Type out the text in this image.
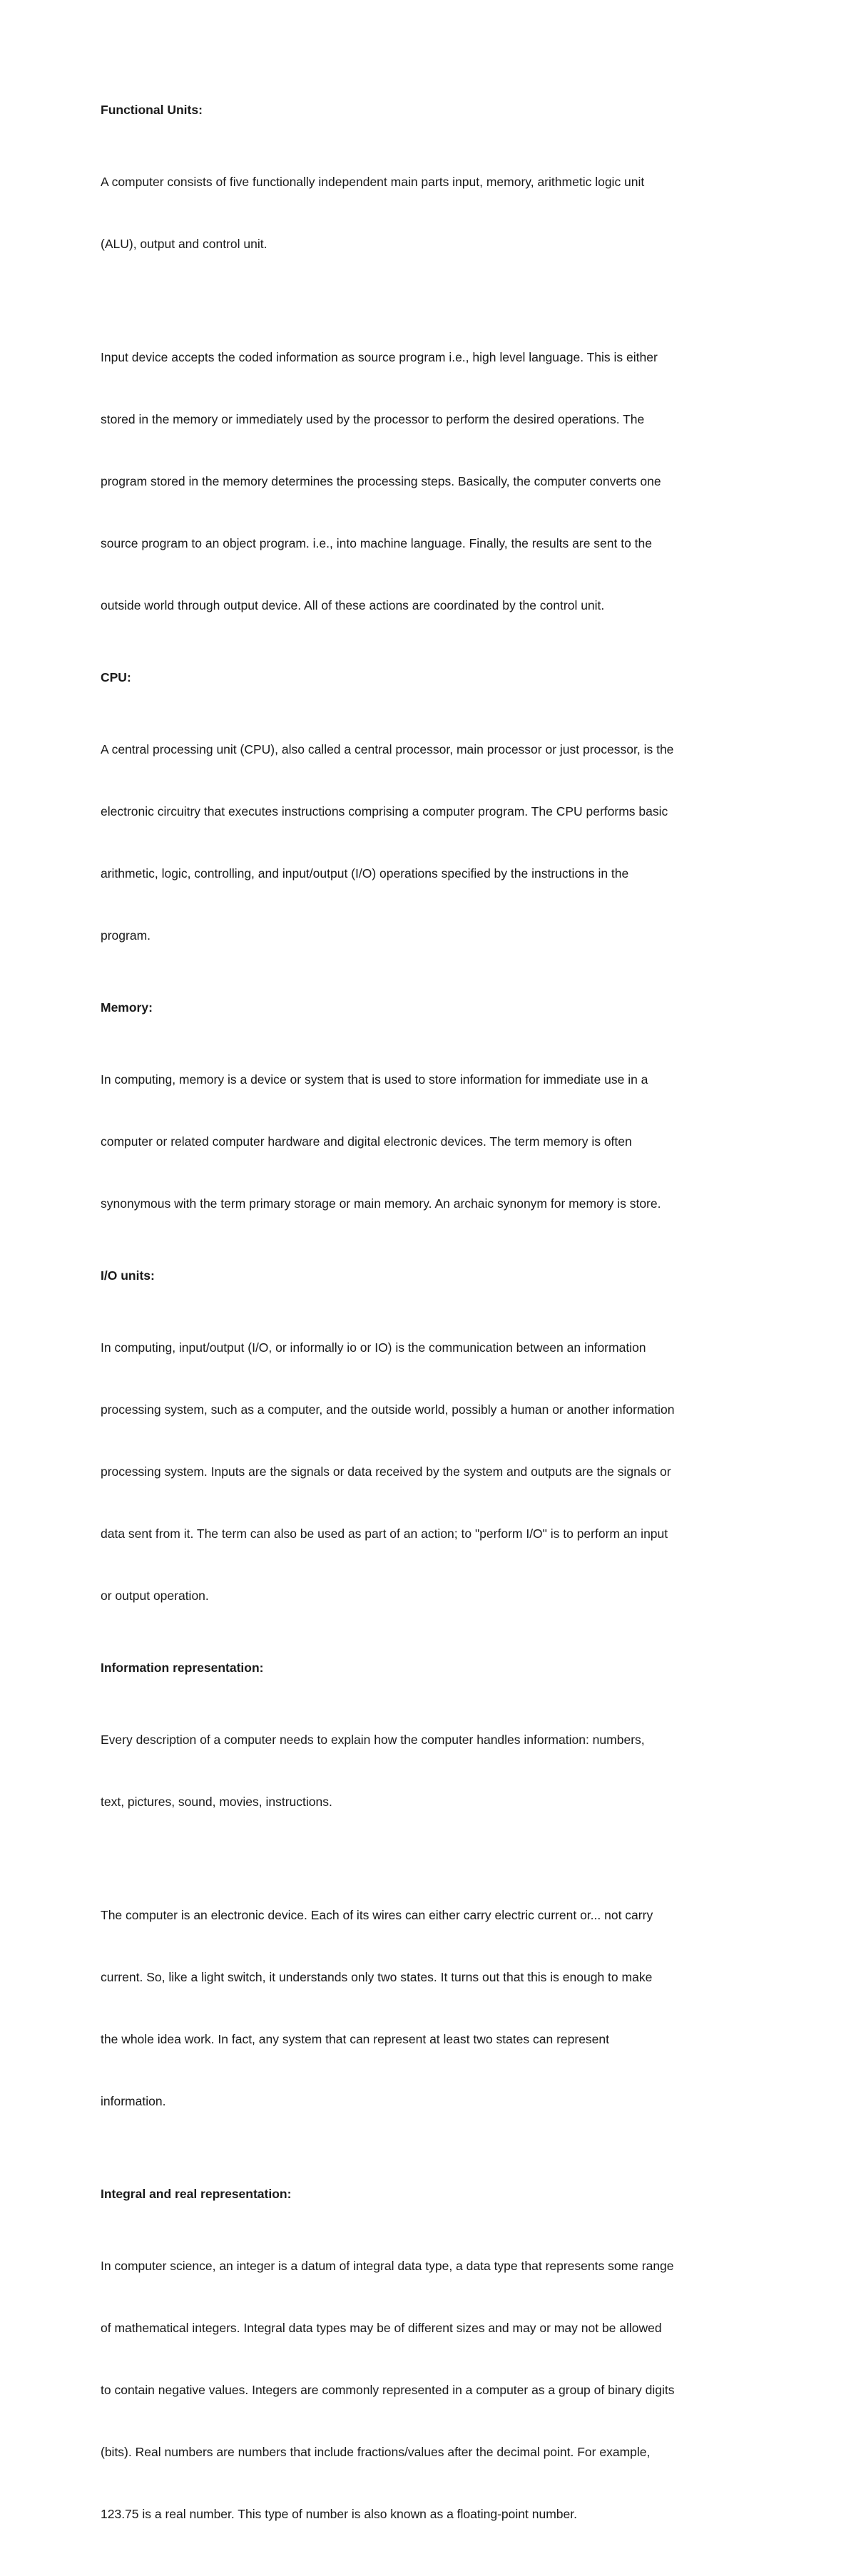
Functional Units:

A computer consists of five functionally independent main parts input, memory, arithmetic logic unit

(ALU), output and control unit.

Input device accepts the coded information as source program i.e., high level language. This is either

stored in the memory or immediately used by the processor to perform the desired operations. The

program stored in the memory determines the processing steps. Basically, the computer converts one

source program to an object program. i.e., into machine language. Finally, the results are sent to the

outside world through output device. All of these actions are coordinated by the control unit.

CPU:

A central processing unit (CPU), also called a central processor, main processor or just processor, is the

electronic circuitry that executes instructions comprising a computer program. The CPU performs basic

arithmetic, logic, controlling, and input/output (I/O) operations specified by the instructions in the

program.

Memory:

In computing, memory is a device or system that is used to store information for immediate use in a

computer or related computer hardware and digital electronic devices. The term memory is often

synonymous with the term primary storage or main memory. An archaic synonym for memory is store.

I/O units:

In computing, input/output (I/O, or informally io or IO) is the communication between an information

processing system, such as a computer, and the outside world, possibly a human or another information

processing system. Inputs are the signals or data received by the system and outputs are the signals or

data sent from it. The term can also be used as part of an action; to "perform I/O" is to perform an input

or output operation.

Information representation:

Every description of a computer needs to explain how the computer handles information: numbers,

text, pictures, sound, movies, instructions.

The computer is an electronic device. Each of its wires can either carry electric current or... not carry

current. So, like a light switch, it understands only two states. It turns out that this is enough to make

the whole idea work. In fact, any system that can represent at least two states can represent

information.

Integral and real representation:

In computer science, an integer is a datum of integral data type, a data type that represents some range

of mathematical integers. Integral data types may be of different sizes and may or may not be allowed

to contain negative values. Integers are commonly represented in a computer as a group of binary digits

(bits). Real numbers are numbers that include fractions/values after the decimal point. For example,

123.75 is a real number. This type of number is also known as a floating-point number.
